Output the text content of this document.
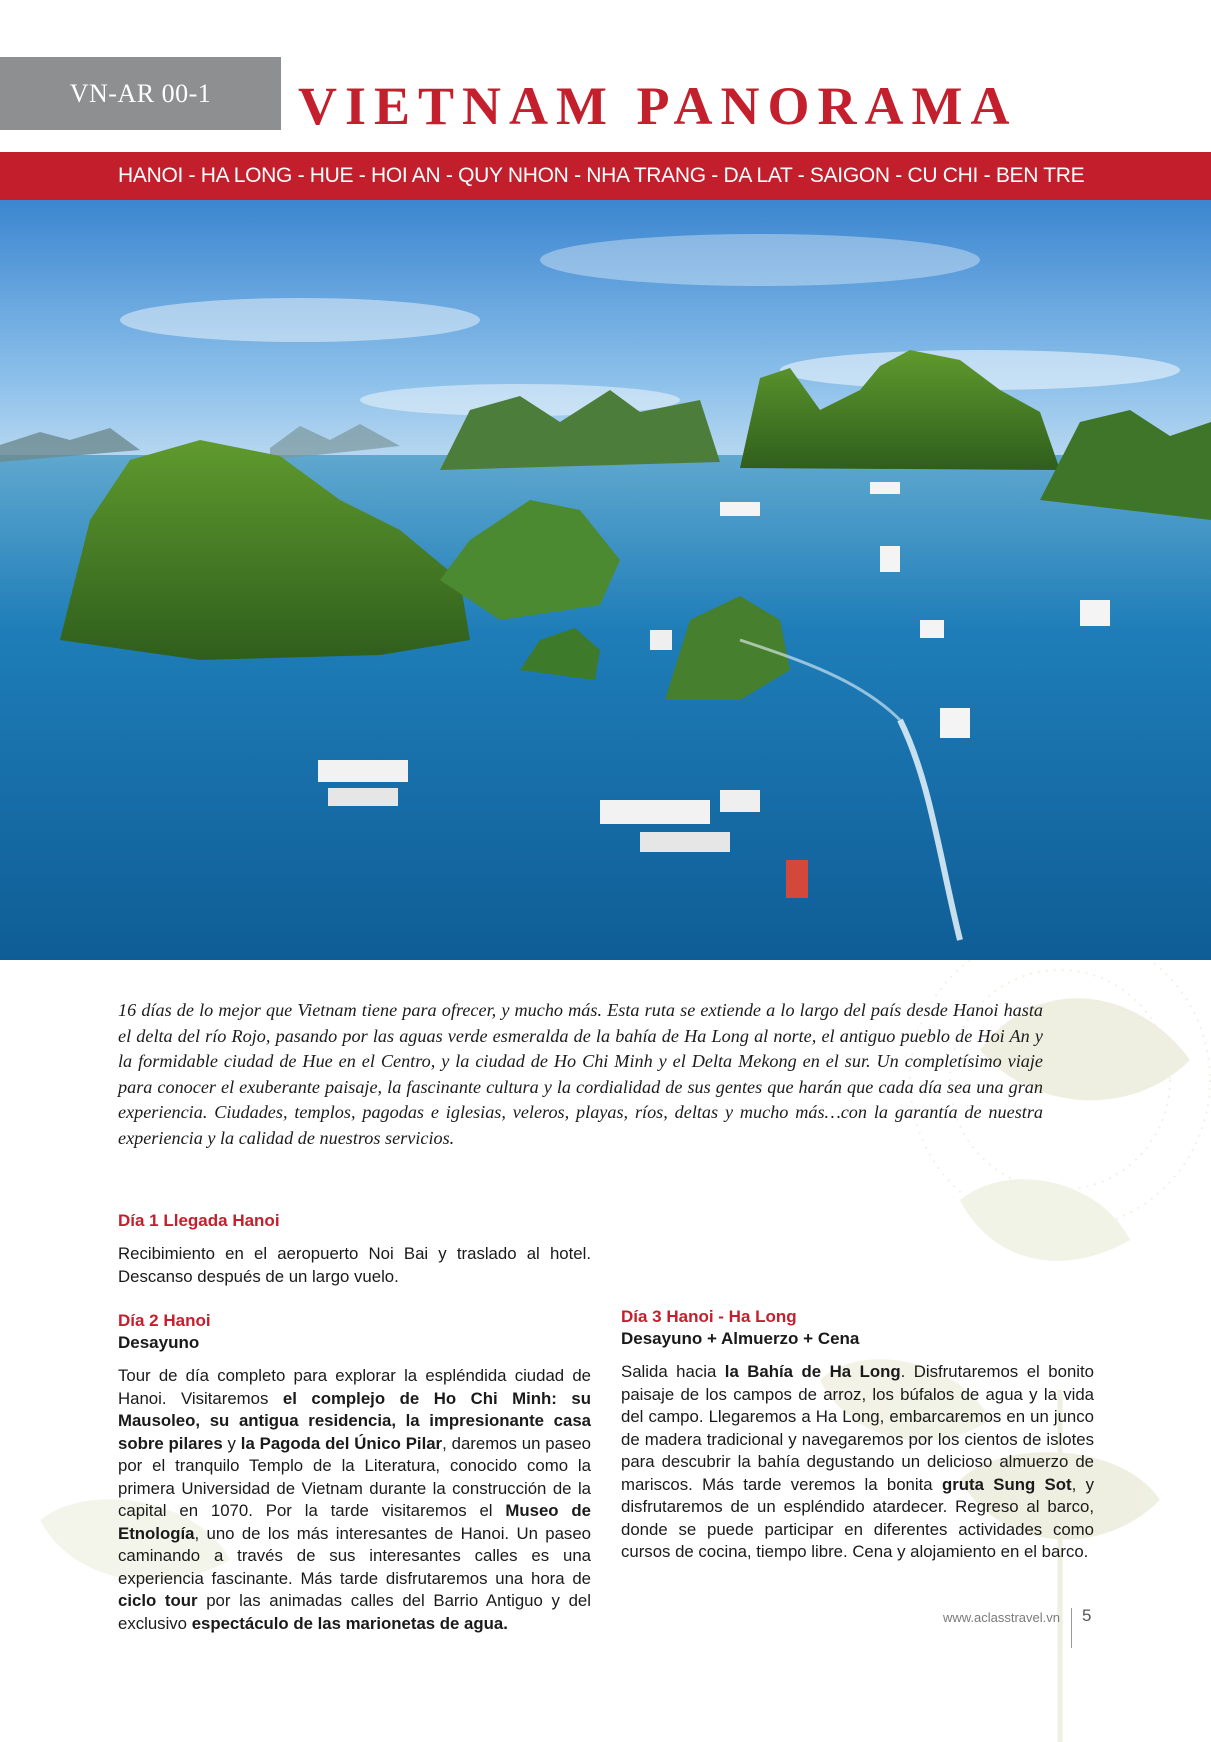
VN-AR 00-1	VIETNAM PANORAMA
HANOI - HA LONG - HUE - HOI AN - QUY NHON - NHA TRANG - DA LAT - SAIGON - CU CHI - BEN TRE

16 días de lo mejor que Vietnam tiene para ofrecer, y mucho más. Esta ruta se extiende a lo largo del país desde Hanoi hasta el delta del río Rojo, pasando por las aguas verde esmeralda de la bahía de Ha Long al norte, el antiguo pueblo de Hoi An y la formidable ciudad de Hue en el Centro, y la ciudad de Ho Chi Minh y el Delta Mekong en el sur. Un completísimo viaje para conocer el exuberante paisaje, la fascinante cultura y la cordialidad de sus gentes que harán que cada día sea una gran experiencia. Ciudades, templos, pagodas e iglesias, veleros, playas, ríos, deltas y mucho más…con la garantía de nuestra experiencia y la calidad de nuestros servicios.

Día 1 Llegada Hanoi

Recibimiento en el aeropuerto Noi Bai y traslado al hotel. Descanso después de un largo vuelo.

Día 2 Hanoi
Desayuno

Tour de día completo para explorar la espléndida ciudad de Hanoi. Visitaremos el complejo de Ho Chi Minh: su Mausoleo, su antigua residencia, la impresionante casa sobre pilares y la Pagoda del Único Pilar, daremos un paseo por el tranquilo Templo de la Literatura, conocido como la primera Universidad de Vietnam durante la construcción de la capital en 1070. Por la tarde visitaremos el Museo de Etnología, uno de los más interesantes de Hanoi. Un paseo caminando a través de sus interesantes calles es una experiencia fascinante. Más tarde disfrutaremos una hora de ciclo tour por las animadas calles del Barrio Antiguo y del exclusivo espectáculo de las marionetas de agua.

Día 3 Hanoi - Ha Long
Desayuno + Almuerzo + Cena

Salida hacia la Bahía de Ha Long. Disfrutaremos el bonito paisaje de los campos de arroz, los búfalos de agua y la vida del campo. Llegaremos a Ha Long, embarcaremos en un junco de madera tradicional y navegaremos por los cientos de islotes para descubrir la bahía degustando un delicioso almuerzo de mariscos. Más tarde veremos la bonita gruta Sung Sot, y disfrutaremos de un espléndido atardecer. Regreso al barco, donde se puede participar en diferentes actividades como cursos de cocina, tiempo libre. Cena y alojamiento en el barco.

www.aclasstravel.vn 5
